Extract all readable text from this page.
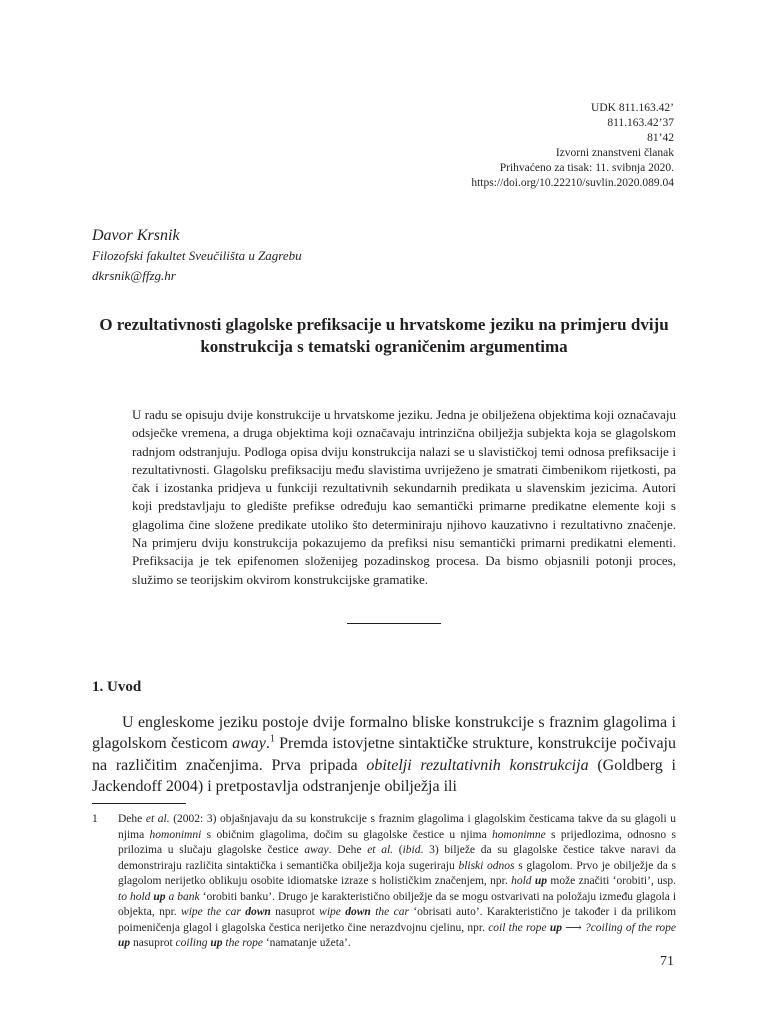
UDK 811.163.42’
811.163.42’37
81’42
Izvorni znanstveni članak
Prihvaćeno za tisak: 11. svibnja 2020.
https://doi.org/10.22210/suvlin.2020.089.04
Davor Krsnik
Filozofski fakultet Sveučilišta u Zagrebu
dkrsnik@ffzg.hr
O rezultativnosti glagolske prefiksacije u hrvatskome jeziku na primjeru dviju konstrukcija s tematski ograničenim argumentima

U radu se opisuju dvije konstrukcije u hrvatskome jeziku. Jedna je obilježena objektima koji označavaju odsječke vremena, a druga objektima koji označavaju intrinzična obilježja subjekta koja se glagolskom radnjom odstranjuju. Podloga opisa dviju konstrukcija nalazi se u slavističkoj temi odnosa prefiksacije i rezultativnosti. Glagolsku prefiksaciju među slavistima uvriježeno je smatrati čimbenikom rijetkosti, pa čak i izostanka pridjeva u funkciji rezultativnih sekundarnih predikata u slavenskim jezicima. Autori koji predstavljaju to gledište prefikse određuju kao semantički primarne predikatne elemente koji s glagolima čine složene predikate utoliko što determiniraju njihovo kauzativno i rezultativno značenje. Na primjeru dviju konstrukcija pokazujemo da prefiksi nisu semantički primarni predikatni elementi. Prefiksacija je tek epifenomen složenijeg pozadinskog procesa. Da bismo objasnili potonji proces, služimo se teorijskim okvirom konstrukcijske gramatike.

1. Uvod

U engleskome jeziku postoje dvije formalno bliske konstrukcije s fraznim glagolima i glagolskom česticom away.$^1$ Premda istovjetne sintaktičke strukture, konstrukcije počivaju na različitim značenjima. Prva pripada obitelji rezultativnih konstrukcija (Goldberg i Jackendoff 2004) i pretpostavlja odstranjenje obilježja ili

1 Dehe et al. (2002: 3) objašnjavaju da su konstrukcije s fraznim glagolima i glagolskim česticama takve da su glagoli u njima homonimni s običnim glagolima, dočim su glagolske čestice u njima homonimne s prijedlozima, odnosno s prilozima u slučaju glagolske čestice away. Dehe et al. (ibid. 3) bilježe da su glagolske čestice takve naravi da demonstriraju različita sintaktička i semantička obilježja koja sugeriraju bliski odnos s glagolom. Prvo je obilježje da s glagolom nerijetko oblikuju osobite idiomatske izraze s holističkim značenjem, npr. hold up može značiti ‘orobiti’, usp. to hold up a bank ‘orobiti banku’. Drugo je karakteristično obilježje da se mogu ostvarivati na položaju između glagola i objekta, npr. wipe the car down nasuprot wipe down the car ‘obrisati auto’. Karakteristično je također i da prilikom poimeničenja glagol i glagolska čestica nerijetko čine nerazdvojnu cjelinu, npr. coil the rope up ⟶ ?coiling of the rope up nasuprot coiling up the rope ‘namatanje užeta’.
71
